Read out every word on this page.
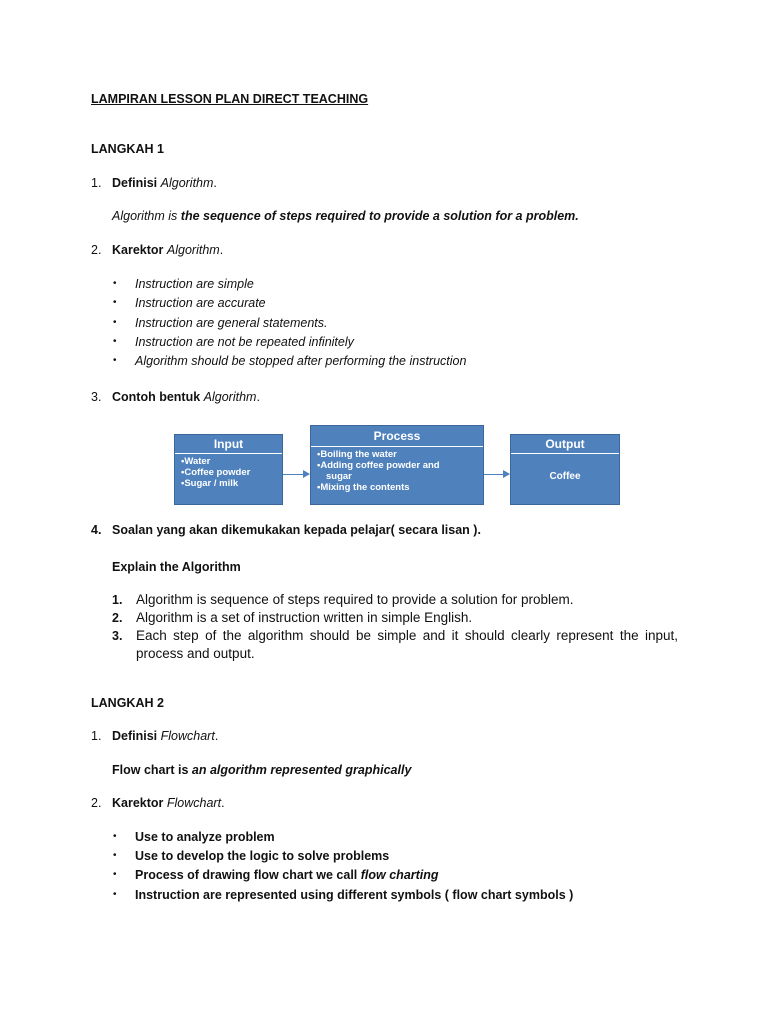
LAMPIRAN LESSON PLAN DIRECT TEACHING
LANGKAH 1
1. Definisi Algorithm.
Algorithm is the sequence of steps required to provide a solution for a problem.
2. Karektor Algorithm.
• Instruction are simple
• Instruction are accurate
• Instruction are general statements.
• Instruction are not be repeated infinitely
• Algorithm should be stopped after performing the instruction
3. Contoh bentuk Algorithm.
Input
• Water
• Coffee powder
• Sugar / milk
Process
• Boiling the water
• Adding coffee powder and sugar
• Mixing the contents
Output
Coffee
4. Soalan yang akan dikemukakan kepada pelajar( secara lisan ).
Explain the Algorithm
1. Algorithm is sequence of steps required to provide a solution for problem.
2. Algorithm is a set of instruction written in simple English.
3. Each step of the algorithm should be simple and it should clearly represent the input, process and output.
LANGKAH 2
1. Definisi Flowchart.
Flow chart is an algorithm represented graphically
2. Karektor Flowchart.
• Use to analyze problem
• Use to develop the logic to solve problems
• Process of drawing flow chart we call flow charting
• Instruction are represented using different symbols ( flow chart symbols )
